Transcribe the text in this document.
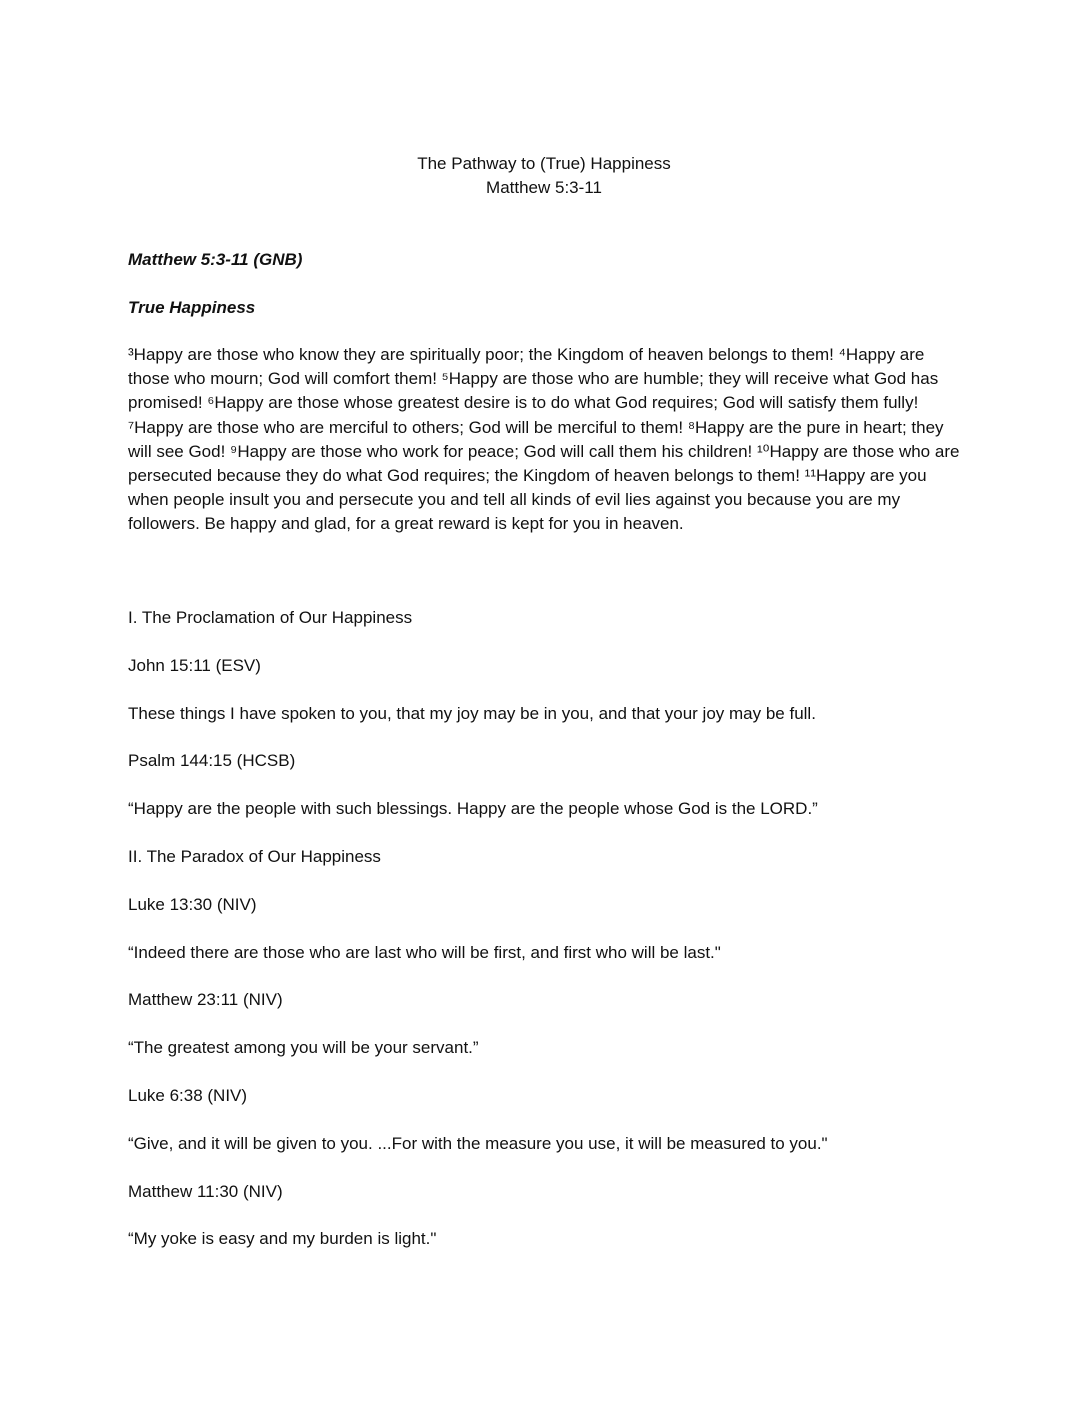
The Pathway to (True) Happiness
Matthew 5:3-11
Matthew 5:3-11 (GNB)
True Happiness
³Happy are those who know they are spiritually poor; the Kingdom of heaven belongs to them! ⁴Happy are those who mourn; God will comfort them! ⁵Happy are those who are humble; they will receive what God has promised! ⁶Happy are those whose greatest desire is to do what God requires; God will satisfy them fully! ⁷Happy are those who are merciful to others; God will be merciful to them! ⁸Happy are the pure in heart; they will see God! ⁹Happy are those who work for peace; God will call them his children! ¹⁰Happy are those who are persecuted because they do what God requires; the Kingdom of heaven belongs to them! ¹¹Happy are you when people insult you and persecute you and tell all kinds of evil lies against you because you are my followers. Be happy and glad, for a great reward is kept for you in heaven.
I. The Proclamation of Our Happiness
John 15:11 (ESV)
These things I have spoken to you, that my joy may be in you, and that your joy may be full.
Psalm 144:15 (HCSB)
“Happy are the people with such blessings. Happy are the people whose God is the LORD.”
II. The Paradox of Our Happiness
Luke 13:30 (NIV)
“Indeed there are those who are last who will be first, and first who will be last."
Matthew 23:11 (NIV)
“The greatest among you will be your servant.”
Luke 6:38 (NIV)
“Give, and it will be given to you. ...For with the measure you use, it will be measured to you."
Matthew 11:30 (NIV)
“My yoke is easy and my burden is light."
